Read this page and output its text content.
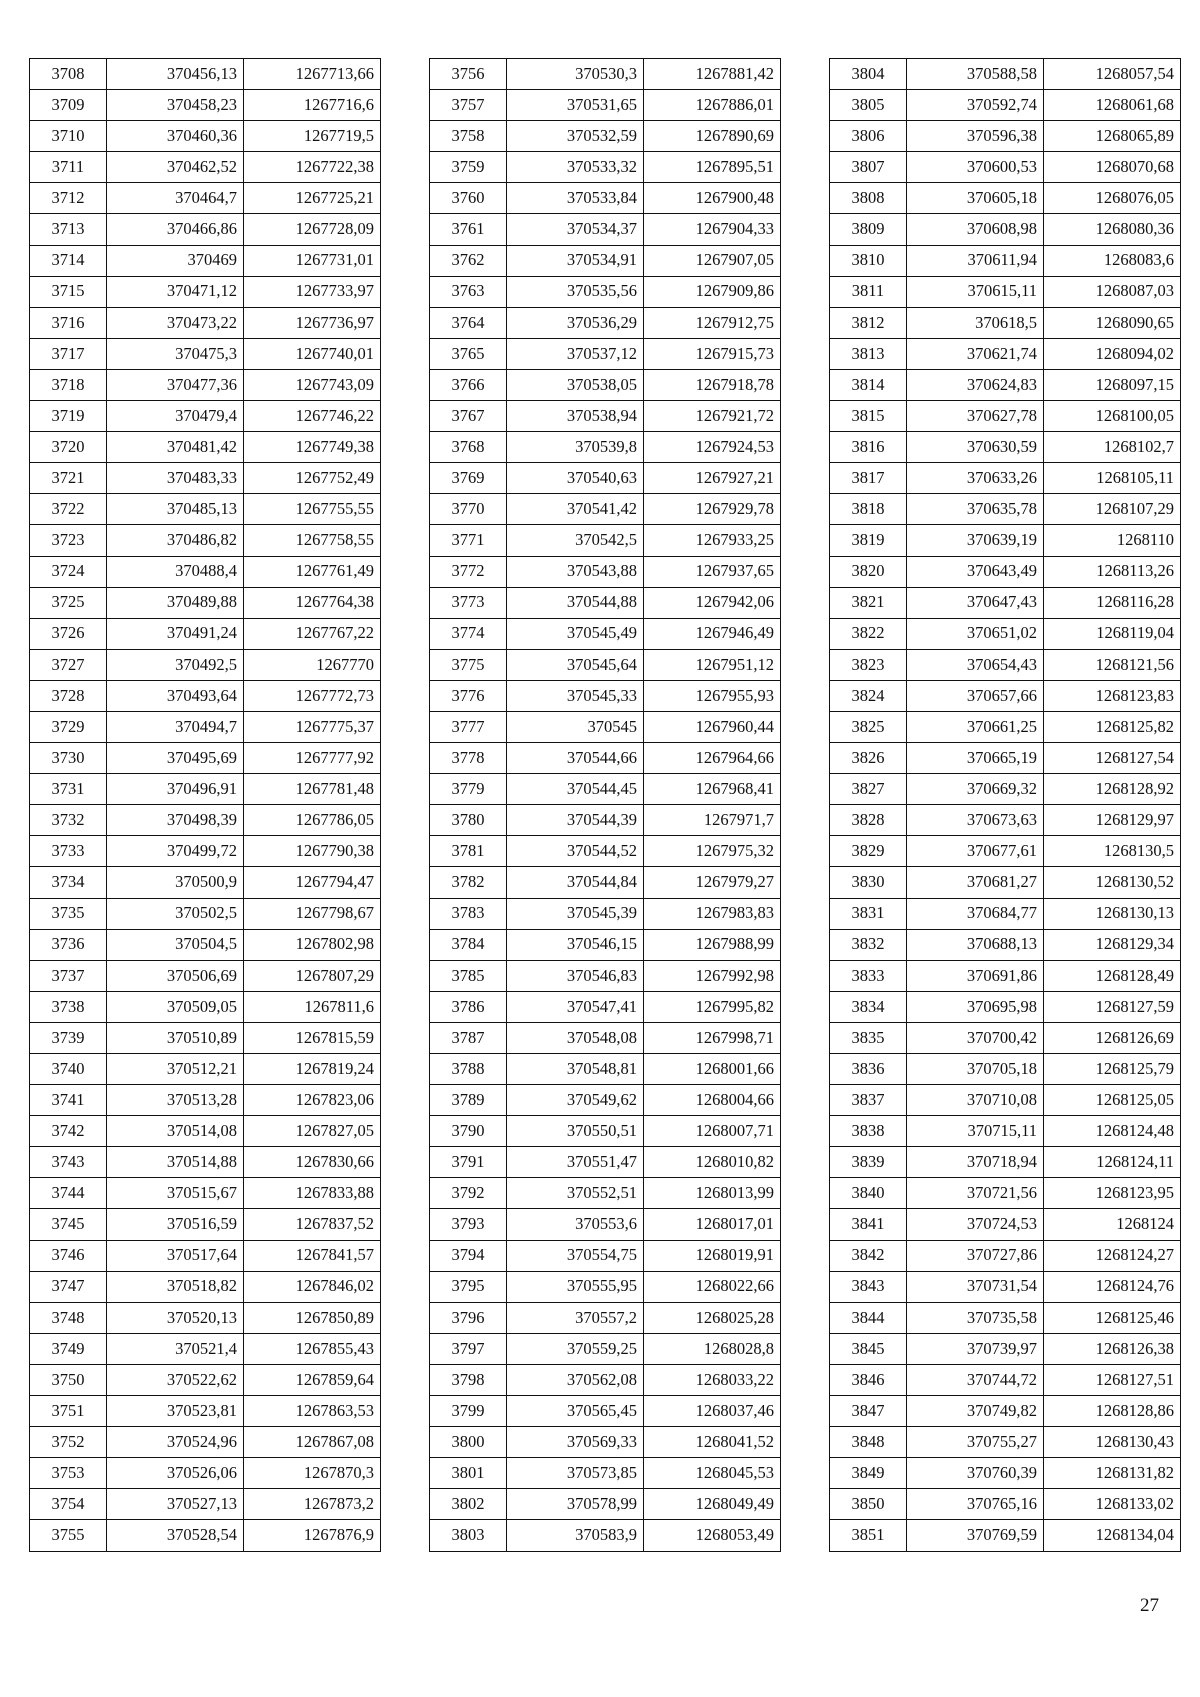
3708	370456,13	1267713,66
3709	370458,23	1267716,6
3710	370460,36	1267719,5
3711	370462,52	1267722,38
3712	370464,7	1267725,21
3713	370466,86	1267728,09
3714	370469	1267731,01
3715	370471,12	1267733,97
3716	370473,22	1267736,97
3717	370475,3	1267740,01
3718	370477,36	1267743,09
3719	370479,4	1267746,22
3720	370481,42	1267749,38
3721	370483,33	1267752,49
3722	370485,13	1267755,55
3723	370486,82	1267758,55
3724	370488,4	1267761,49
3725	370489,88	1267764,38
3726	370491,24	1267767,22
3727	370492,5	1267770
3728	370493,64	1267772,73
3729	370494,7	1267775,37
3730	370495,69	1267777,92
3731	370496,91	1267781,48
3732	370498,39	1267786,05
3733	370499,72	1267790,38
3734	370500,9	1267794,47
3735	370502,5	1267798,67
3736	370504,5	1267802,98
3737	370506,69	1267807,29
3738	370509,05	1267811,6
3739	370510,89	1267815,59
3740	370512,21	1267819,24
3741	370513,28	1267823,06
3742	370514,08	1267827,05
3743	370514,88	1267830,66
3744	370515,67	1267833,88
3745	370516,59	1267837,52
3746	370517,64	1267841,57
3747	370518,82	1267846,02
3748	370520,13	1267850,89
3749	370521,4	1267855,43
3750	370522,62	1267859,64
3751	370523,81	1267863,53
3752	370524,96	1267867,08
3753	370526,06	1267870,3
3754	370527,13	1267873,2
3755	370528,54	1267876,9
3756	370530,3	1267881,42
3757	370531,65	1267886,01
3758	370532,59	1267890,69
3759	370533,32	1267895,51
3760	370533,84	1267900,48
3761	370534,37	1267904,33
3762	370534,91	1267907,05
3763	370535,56	1267909,86
3764	370536,29	1267912,75
3765	370537,12	1267915,73
3766	370538,05	1267918,78
3767	370538,94	1267921,72
3768	370539,8	1267924,53
3769	370540,63	1267927,21
3770	370541,42	1267929,78
3771	370542,5	1267933,25
3772	370543,88	1267937,65
3773	370544,88	1267942,06
3774	370545,49	1267946,49
3775	370545,64	1267951,12
3776	370545,33	1267955,93
3777	370545	1267960,44
3778	370544,66	1267964,66
3779	370544,45	1267968,41
3780	370544,39	1267971,7
3781	370544,52	1267975,32
3782	370544,84	1267979,27
3783	370545,39	1267983,83
3784	370546,15	1267988,99
3785	370546,83	1267992,98
3786	370547,41	1267995,82
3787	370548,08	1267998,71
3788	370548,81	1268001,66
3789	370549,62	1268004,66
3790	370550,51	1268007,71
3791	370551,47	1268010,82
3792	370552,51	1268013,99
3793	370553,6	1268017,01
3794	370554,75	1268019,91
3795	370555,95	1268022,66
3796	370557,2	1268025,28
3797	370559,25	1268028,8
3798	370562,08	1268033,22
3799	370565,45	1268037,46
3800	370569,33	1268041,52
3801	370573,85	1268045,53
3802	370578,99	1268049,49
3803	370583,9	1268053,49
3804	370588,58	1268057,54
3805	370592,74	1268061,68
3806	370596,38	1268065,89
3807	370600,53	1268070,68
3808	370605,18	1268076,05
3809	370608,98	1268080,36
3810	370611,94	1268083,6
3811	370615,11	1268087,03
3812	370618,5	1268090,65
3813	370621,74	1268094,02
3814	370624,83	1268097,15
3815	370627,78	1268100,05
3816	370630,59	1268102,7
3817	370633,26	1268105,11
3818	370635,78	1268107,29
3819	370639,19	1268110
3820	370643,49	1268113,26
3821	370647,43	1268116,28
3822	370651,02	1268119,04
3823	370654,43	1268121,56
3824	370657,66	1268123,83
3825	370661,25	1268125,82
3826	370665,19	1268127,54
3827	370669,32	1268128,92
3828	370673,63	1268129,97
3829	370677,61	1268130,5
3830	370681,27	1268130,52
3831	370684,77	1268130,13
3832	370688,13	1268129,34
3833	370691,86	1268128,49
3834	370695,98	1268127,59
3835	370700,42	1268126,69
3836	370705,18	1268125,79
3837	370710,08	1268125,05
3838	370715,11	1268124,48
3839	370718,94	1268124,11
3840	370721,56	1268123,95
3841	370724,53	1268124
3842	370727,86	1268124,27
3843	370731,54	1268124,76
3844	370735,58	1268125,46
3845	370739,97	1268126,38
3846	370744,72	1268127,51
3847	370749,82	1268128,86
3848	370755,27	1268130,43
3849	370760,39	1268131,82
3850	370765,16	1268133,02
3851	370769,59	1268134,04
27
